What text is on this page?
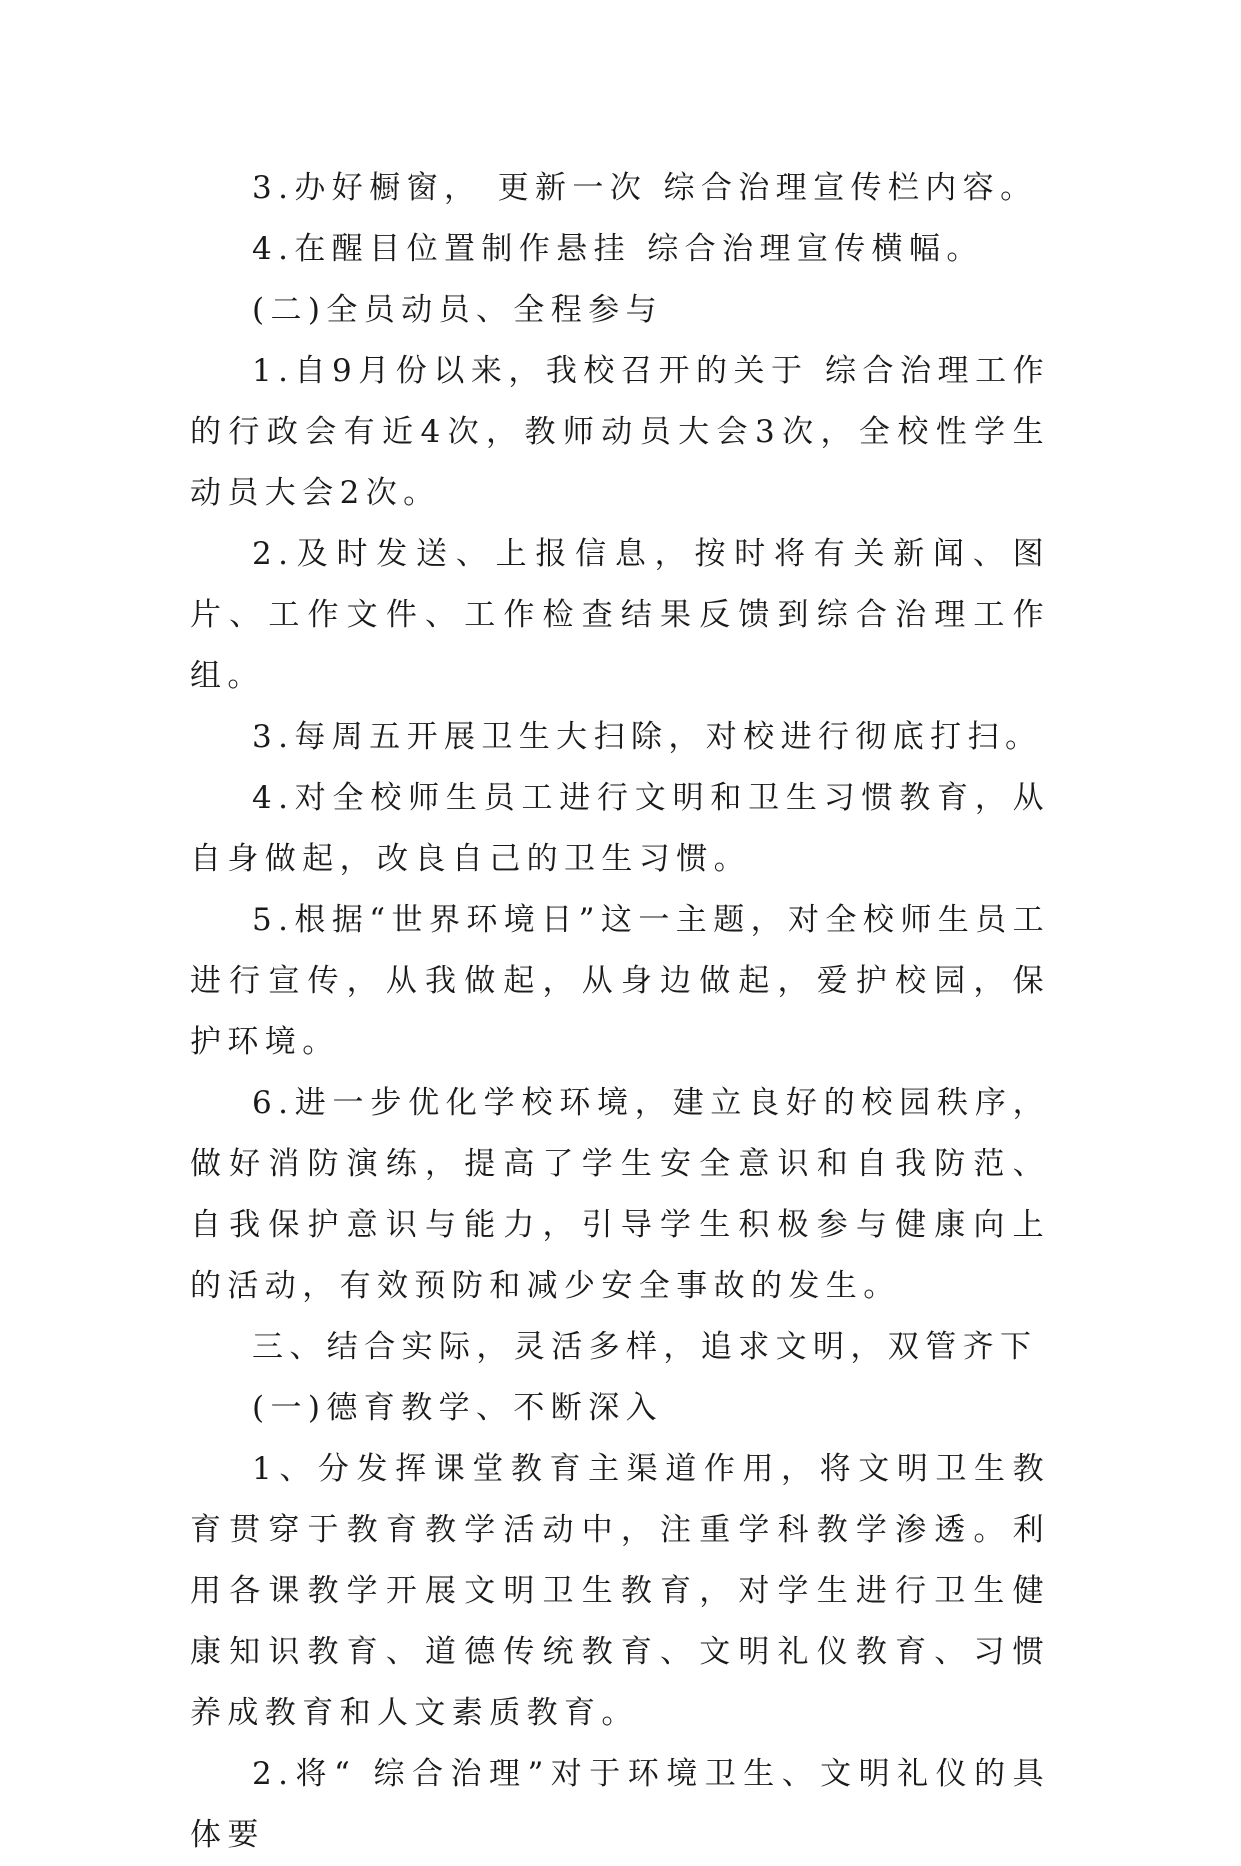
3.办好橱窗， 更新一次 综合治理宣传栏内容。

4.在醒目位置制作悬挂 综合治理宣传横幅。

(二)全员动员、全程参与

1.自9月份以来，我校召开的关于 综合治理工作的行政会有近4次，教师动员大会3次，全校性学生动员大会2次。

2.及时发送、上报信息，按时将有关新闻、图片、工作文件、工作检查结果反馈到综合治理工作组。

3.每周五开展卫生大扫除，对校进行彻底打扫。

4.对全校师生员工进行文明和卫生习惯教育，从自身做起，改良自己的卫生习惯。

5.根据“世界环境日”这一主题，对全校师生员工进行宣传，从我做起，从身边做起，爱护校园，保护环境。

6.进一步优化学校环境，建立良好的校园秩序，做好消防演练，提高了学生安全意识和自我防范、自我保护意识与能力，引导学生积极参与健康向上的活动，有效预防和减少安全事故的发生。

三、结合实际，灵活多样，追求文明，双管齐下

(一)德育教学、不断深入

1、分发挥课堂教育主渠道作用，将文明卫生教育贯穿于教育教学活动中，注重学科教学渗透。利用各课教学开展文明卫生教育，对学生进行卫生健康知识教育、道德传统教育、文明礼仪教育、习惯养成教育和人文素质教育。

2.将“ 综合治理”对于环境卫生、文明礼仪的具体要
